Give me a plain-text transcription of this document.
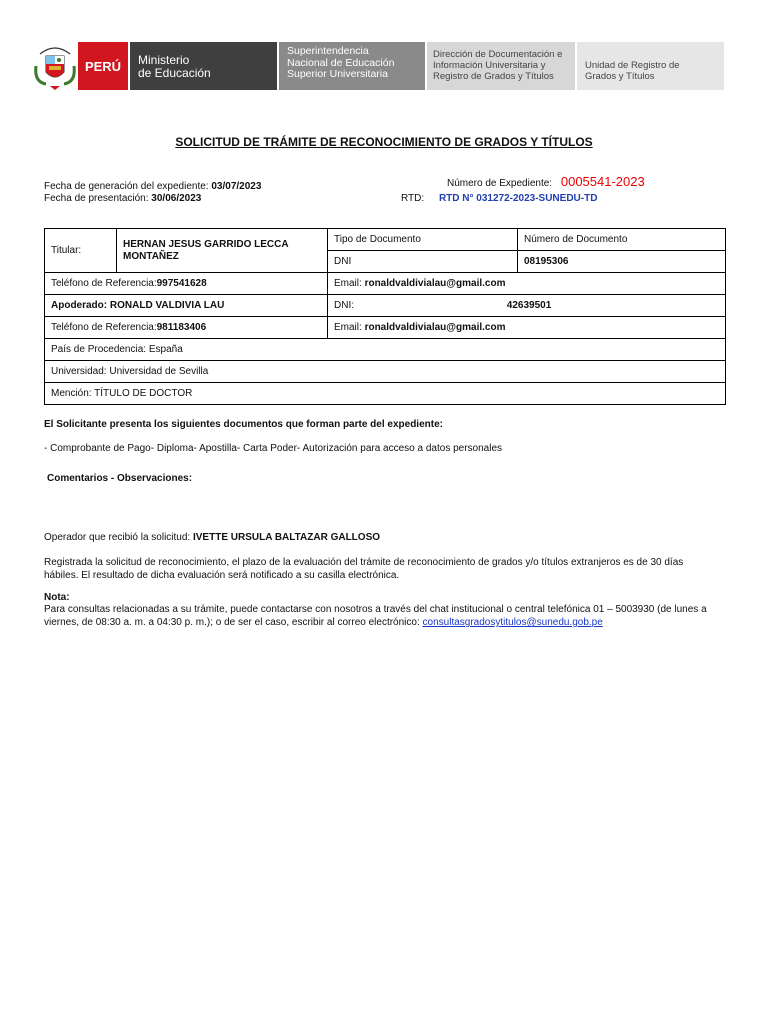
PERÚ	Ministerio
de Educación
Superintendencia
Nacional de Educación
Superior Universitaria
Dirección de Documentación e
Información Universitaria y
Registro de Grados y Títulos
Unidad de Registro de
Grados y Títulos
SOLICITUD DE TRÁMITE DE RECONOCIMIENTO DE GRADOS Y TÍTULOS
Fecha de generación del expediente: 03/07/2023
Fecha de presentación: 30/06/2023
Número de Expediente: 0005541-2023
RTD: RTD N° 031272-2023-SUNEDU-TD
Titular:	HERNAN JESUS GARRIDO LECCA MONTAÑEZ	Tipo de Documento	Número de Documento
		DNI	08195306
Teléfono de Referencia:997541628		Email: ronaldvaldivialau@gmail.com	
Apoderado: RONALD VALDIVIA LAU		DNI: 42639501	
Teléfono de Referencia:981183406		Email: ronaldvaldivialau@gmail.com	
País de Procedencia: España			
Universidad: Universidad de Sevilla			
Mención: TÍTULO DE DOCTOR			
El Solicitante presenta los siguientes documentos que forman parte del expediente:
- Comprobante de Pago- Diploma- Apostilla- Carta Poder- Autorización para acceso a datos personales
Comentarios - Observaciones:
Operador que recibió la solicitud: IVETTE URSULA BALTAZAR GALLOSO
Registrada la solicitud de reconocimiento, el plazo de la evaluación del trámite de reconocimiento de grados y/o títulos extranjeros es de 30 días hábiles. El resultado de dicha evaluación será notificado a su casilla electrónica.
Nota:
Para consultas relacionadas a su trámite, puede contactarse con nosotros a través del chat institucional o central telefónica 01 – 5003930 (de lunes a viernes, de 08:30 a. m. a 04:30 p. m.); o de ser el caso, escribir al correo electrónico: consultasgradosytitulos@sunedu.gob.pe
